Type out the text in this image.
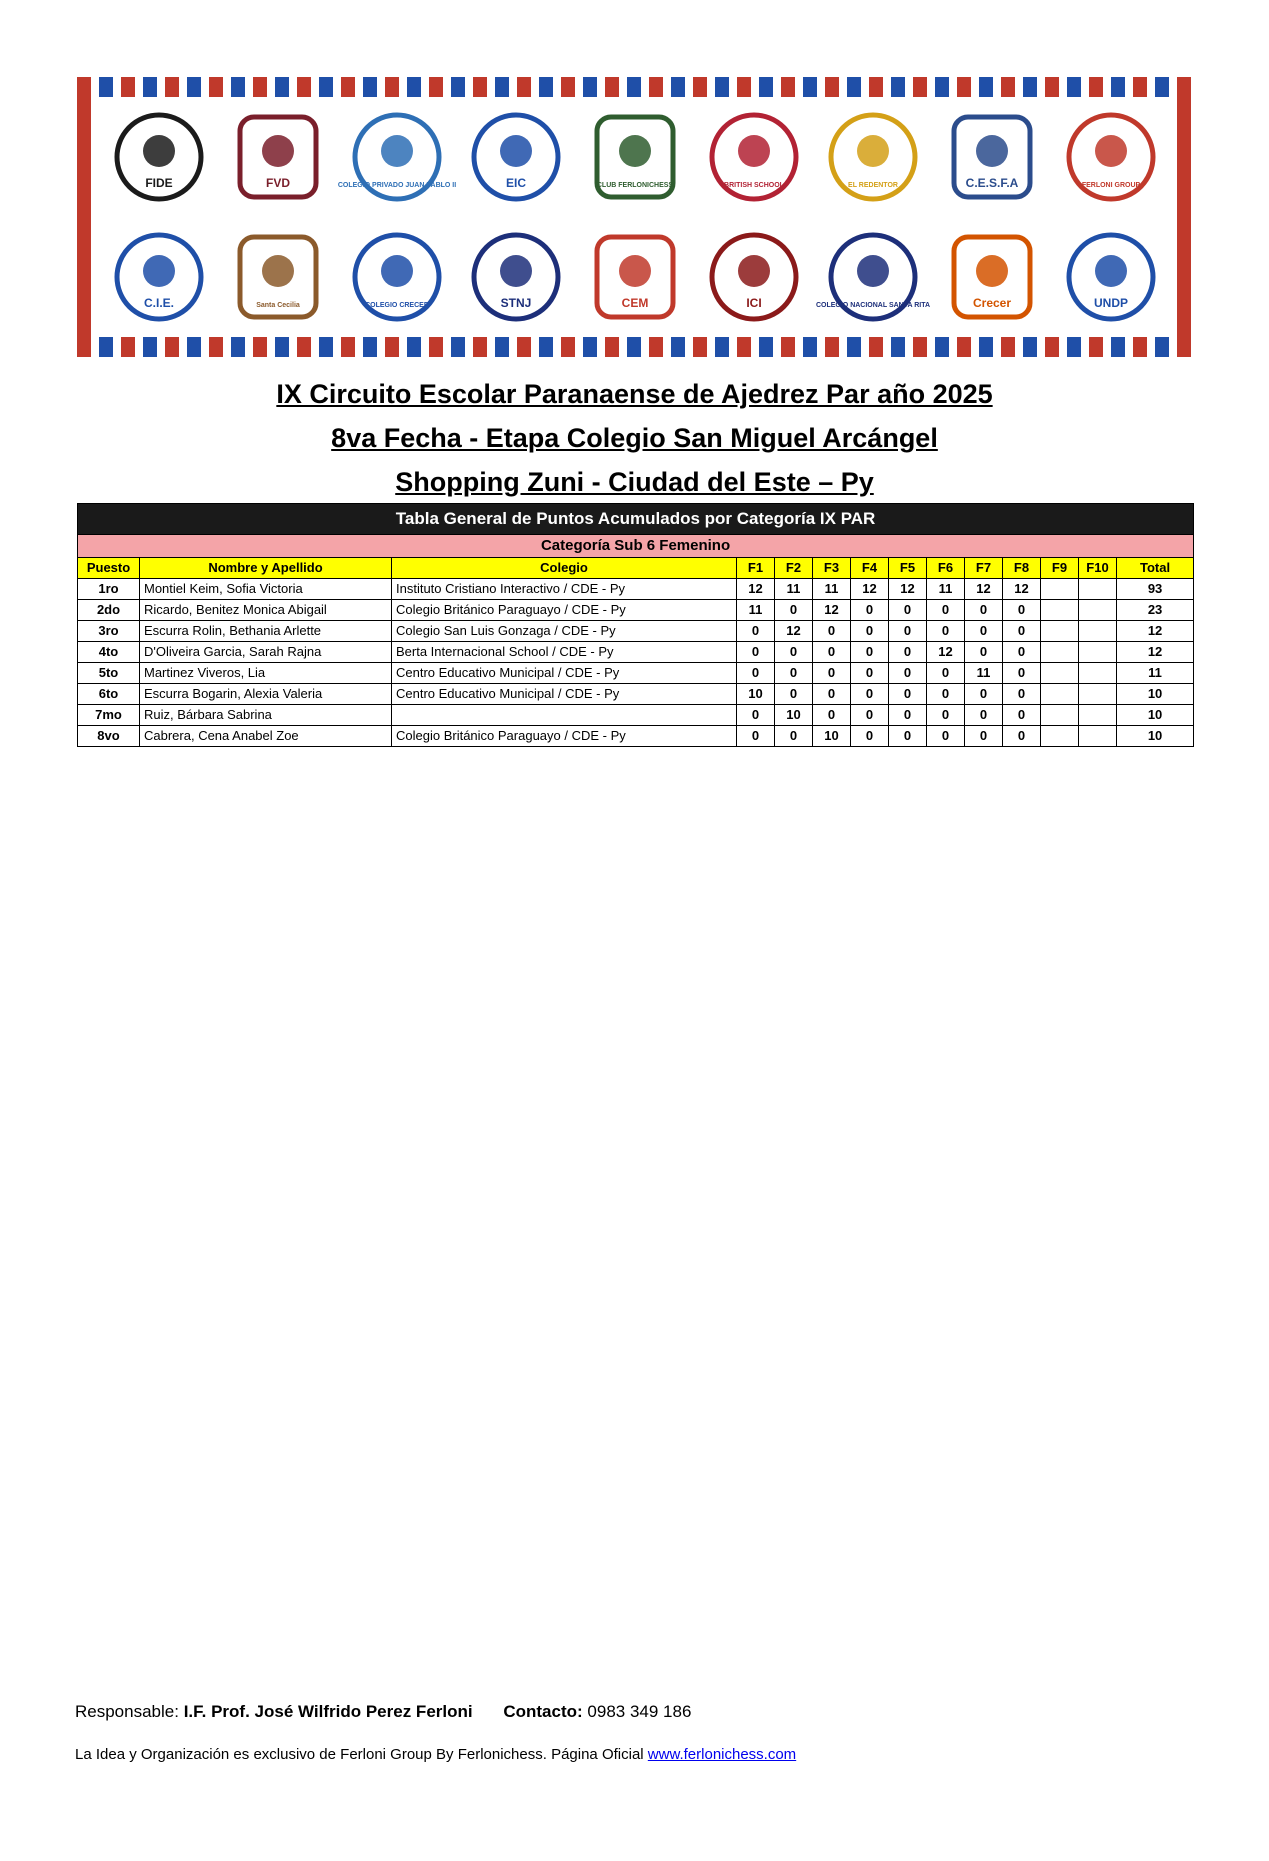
FIDE	FVD	COLEGIO PRIVADO JUAN PABLO II	EIC	CLUB FERLONICHESS	BRITISH SCHOOL	EL REDENTOR	C.E.S.F.A	FERLONI GROUP
C.I.E.	Santa Cecilia	COLEGIO CRECER	STNJ	CEM	ICI	COLEGIO NACIONAL SANTA RITA	Crecer	UNDP
IX Circuito Escolar Paranaense de Ajedrez Par año 2025
8va Fecha - Etapa Colegio San Miguel Arcángel
Shopping Zuni - Ciudad del Este – Py
Tabla General de Puntos Acumulados por Categoría IX PAR													
Categoría Sub 6 Femenino													
Puesto	Nombre y Apellido	Colegio	F1	F2	F3	F4	F5	F6	F7	F8	F9	F10	Total
1ro	Montiel Keim, Sofia Victoria	Instituto Cristiano Interactivo / CDE - Py	12	11	11	12	12	11	12	12			93
2do	Ricardo, Benitez Monica Abigail	Colegio Británico Paraguayo / CDE - Py	11	0	12	0	0	0	0	0			23
3ro	Escurra Rolin, Bethania Arlette	Colegio San Luis Gonzaga / CDE - Py	0	12	0	0	0	0	0	0			12
4to	D'Oliveira Garcia, Sarah Rajna	Berta Internacional School / CDE - Py	0	0	0	0	0	12	0	0			12
5to	Martinez Viveros, Lia	Centro Educativo Municipal / CDE - Py	0	0	0	0	0	0	11	0			11
6to	Escurra Bogarin, Alexia Valeria	Centro Educativo Municipal / CDE - Py	10	0	0	0	0	0	0	0			10
7mo	Ruiz, Bárbara Sabrina		0	10	0	0	0	0	0	0			10
8vo	Cabrera, Cena Anabel Zoe	Colegio Británico Paraguayo / CDE - Py	0	0	10	0	0	0	0	0			10
Responsable: I.F. Prof. José Wilfrido Perez Ferloni Contacto: 0983 349 186
La Idea y Organización es exclusivo de Ferloni Group By Ferlonichess. Página Oficial www.ferlonichess.com
